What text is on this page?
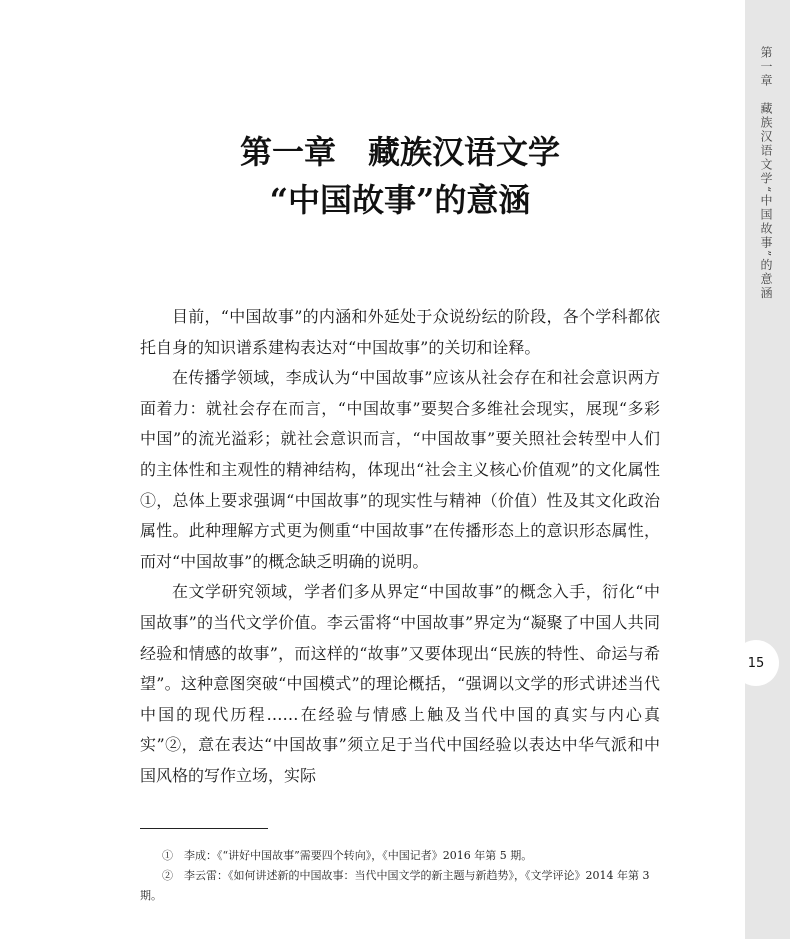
第一章　藏族汉语文学“中国故事”的意涵
15
第一章　藏族汉语文学
“中国故事”的意涵

目前，“中国故事”的内涵和外延处于众说纷纭的阶段，各个学科都依托自身的知识谱系建构表达对“中国故事”的关切和诠释。

在传播学领域，李成认为“中国故事”应该从社会存在和社会意识两方面着力：就社会存在而言，“中国故事”要契合多维社会现实，展现“多彩中国”的流光溢彩；就社会意识而言，“中国故事”要关照社会转型中人们的主体性和主观性的精神结构，体现出“社会主义核心价值观”的文化属性①，总体上要求强调“中国故事”的现实性与精神（价值）性及其文化政治属性。此种理解方式更为侧重“中国故事”在传播形态上的意识形态属性，而对“中国故事”的概念缺乏明确的说明。

在文学研究领域，学者们多从界定“中国故事”的概念入手，衍化“中国故事”的当代文学价值。李云雷将“中国故事”界定为“凝聚了中国人共同经验和情感的故事”，而这样的“故事”又要体现出“民族的特性、命运与希望”。这种意图突破“中国模式”的理论概括，“强调以文学的形式讲述当代中国的现代历程……在经验与情感上触及当代中国的真实与内心真实”②，意在表达“中国故事”须立足于当代中国经验以表达中华气派和中国风格的写作立场，实际

①　李成：《“讲好中国故事”需要四个转向》，《中国记者》2016 年第 5 期。

②　李云雷：《如何讲述新的中国故事：当代中国文学的新主题与新趋势》，《文学评论》2014 年第 3 期。
